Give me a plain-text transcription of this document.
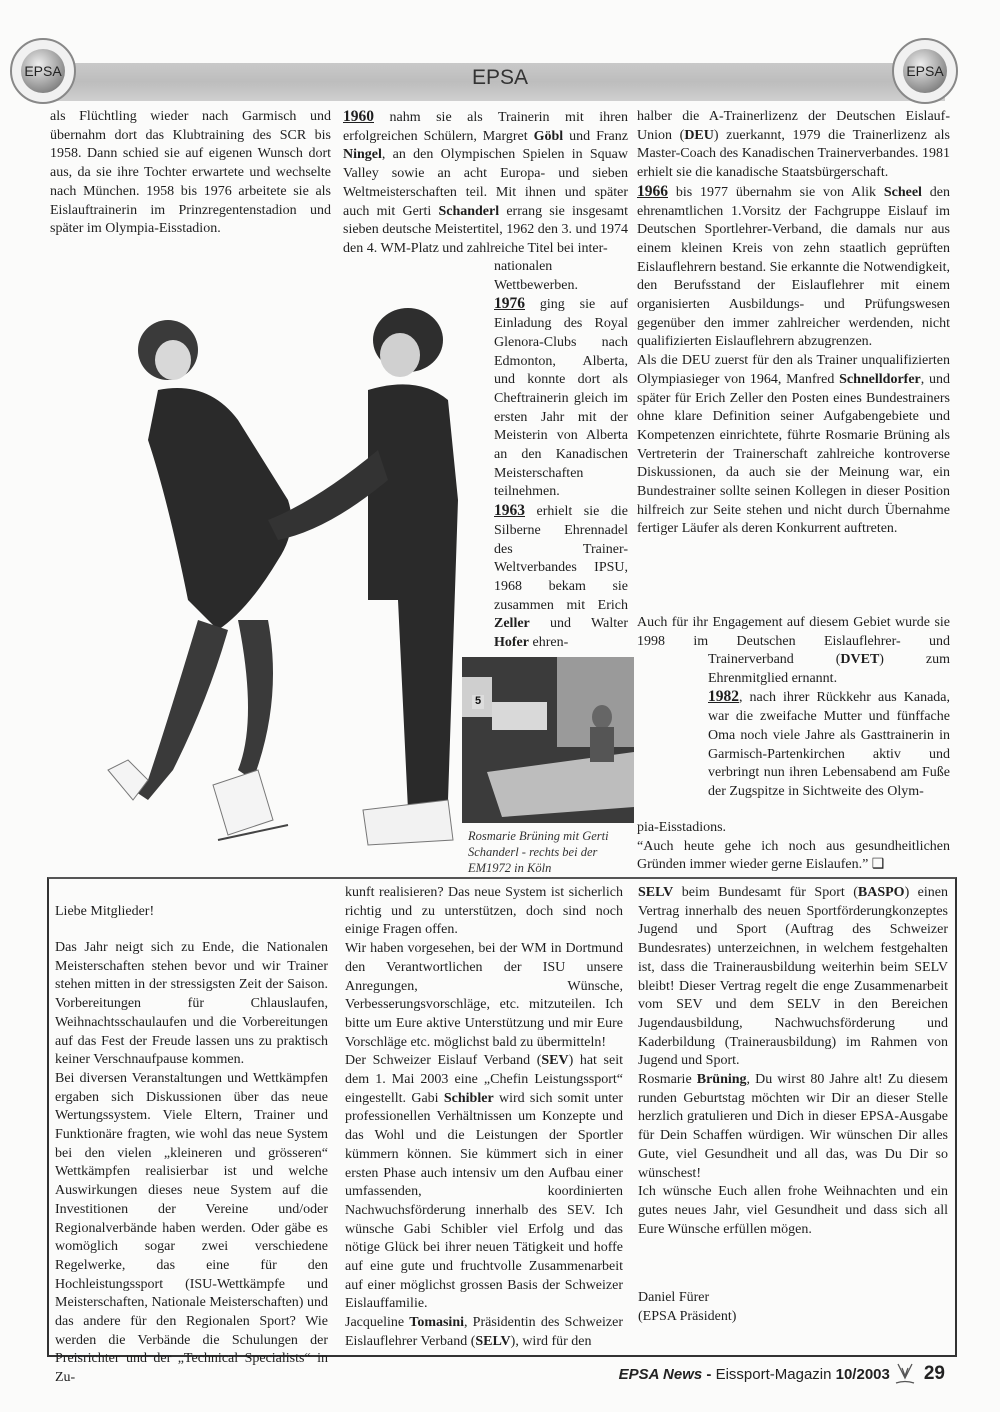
EPSA
EPSA	EPSA

als Flüchtling wieder nach Garmisch und übernahm dort das Klubtraining des SCR bis 1958. Dann schied sie auf eigenen Wunsch dort aus, da sie ihre Tochter erwartete und wechselte nach München. 1958 bis 1976 arbeitete sie als Eislauftrainerin im Prinzregentenstadion und später im Olympia-Eisstadion.

1960 nahm sie als Trainerin mit ihren erfolgreichen Schülern, Margret Göbl und Franz Ningel, an den Olympischen Spielen in Squaw Valley sowie an acht Europa- und sieben Weltmeisterschaften teil. Mit ihnen und später auch mit Gerti Schanderl errang sie insgesamt sieben deutsche Meistertitel, 1962 den 3. und 1974 den 4. WM-Platz und zahlreiche Titel bei inter-

nationalen Wettbewerben.

1976 ging sie auf Einladung des Royal Glenora-Clubs nach Edmonton, Alberta, und konnte dort als Cheftrainerin gleich im ersten Jahr mit der Meisterin von Alberta an den Kanadischen Meisterschaften teilnehmen.

1963 erhielt sie die Silberne Ehrennadel des Trainer-Weltverbandes IPSU, 1968 bekam sie zusammen mit Erich Zeller und Walter Hofer ehren-

halber die A-Trainerlizenz der Deutschen Eislauf-Union (DEU) zuerkannt, 1979 die Trainerlizenz als Master-Coach des Kanadischen Trainerverbandes. 1981 erhielt sie die kanadische Staatsbürgerschaft.

1966 bis 1977 übernahm sie von Alik Scheel den ehrenamtlichen 1.Vorsitz der Fachgruppe Eislauf im Deutschen Sportlehrer-Verband, die damals nur aus einem kleinen Kreis von zehn staatlich geprüften Eislauflehrern bestand. Sie erkannte die Notwendigkeit, den Berufsstand der Eislauflehrer mit einem organisierten Ausbildungs- und Prüfungswesen gegenüber den immer zahlreicher werdenden, nicht qualifizierten Eislauflehrern abzugrenzen.

Als die DEU zuerst für den als Trainer unqualifizierten Olympiasieger von 1964, Manfred Schnelldorfer, und später für Erich Zeller den Posten eines Bundestrainers ohne klare Definition seiner Aufgabengebiete und Kompetenzen einrichtete, führte Rosmarie Brüning als Vertreterin der Trainerschaft zahlreiche kontroverse Diskussionen, da auch sie der Meinung war, ein Bundestrainer sollte seinen Kollegen in dieser Position hilfreich zur Seite stehen und nicht durch Übernahme fertiger Läufer als deren Konkurrent auftreten.

Auch für ihr Engagement auf diesem Gebiet wurde sie 1998 im Deutschen Eislauflehrer- und

Trainerverband (DVET) zum Ehrenmitglied ernannt.

1982, nach ihrer Rückkehr aus Kanada, war die zweifache Mutter und fünffache Oma noch viele Jahre als Gasttrainerin in Garmisch-Partenkirchen aktiv und verbringt nun ihren Lebensabend am Fuße der Zugspitze in Sichtweite des Olym-

pia-Eisstadions.

“Auch heute gehe ich noch aus gesundheitlichen Gründen immer wieder gerne Eislaufen.” ❑

5
Rosmarie Brüning mit Gerti Schanderl - rechts bei der EM1972 in Köln
Liebe Mitglieder!

Das Jahr neigt sich zu Ende, die Nationalen Meisterschaften stehen bevor und wir Trainer stehen mitten in der stressigsten Zeit der Saison. Vorbereitungen für Chlauslaufen, Weihnachtsschaulaufen und die Vorbereitungen auf das Fest der Freude lassen uns zu praktisch keiner Verschnaufpause kommen.

Bei diversen Veranstaltungen und Wettkämpfen ergaben sich Diskussionen über das neue Wertungssystem. Viele Eltern, Trainer und Funktionäre fragten, wie wohl das neue System bei den vielen „kleineren und grösseren“ Wettkämpfen realisierbar ist und welche Auswirkungen dieses neue System auf die Investitionen der Vereine und/oder Regionalverbände haben werden. Oder gäbe es womöglich sogar zwei verschiedene Regelwerke, das eine für den Hochleistungssport (ISU-Wettkämpfe und Meisterschaften, Nationale Meisterschaften) und das andere für den Regionalen Sport? Wie werden die Verbände die Schulungen der Preisrichter und der „Technical Specialists“ in Zu-

kunft realisieren? Das neue System ist sicherlich richtig und zu unterstützen, doch sind noch einige Fragen offen.

Wir haben vorgesehen, bei der WM in Dortmund den Verantwortlichen der ISU unsere Anregungen, Wünsche, Verbesserungsvorschläge, etc. mitzuteilen. Ich bitte um Eure aktive Unterstützung und mir Eure Vorschläge etc. möglichst bald zu übermitteln!

Der Schweizer Eislauf Verband (SEV) hat seit dem 1. Mai 2003 eine „Chefin Leistungssport“ eingestellt. Gabi Schibler wird sich somit unter professionellen Verhältnissen um Konzepte und das Wohl und die Leistungen der Sportler kümmern können. Sie kümmert sich in einer ersten Phase auch intensiv um den Aufbau einer umfassenden, koordinierten Nachwuchsförderung innerhalb des SEV. Ich wünsche Gabi Schibler viel Erfolg und das nötige Glück bei ihrer neuen Tätigkeit und hoffe auf eine gute und fruchtvolle Zusammenarbeit auf einer möglichst grossen Basis der Schweizer Eislauffamilie.

Jacqueline Tomasini, Präsidentin des Schweizer Eislauflehrer Verband (SELV), wird für den

SELV beim Bundesamt für Sport (BASPO) einen Vertrag innerhalb des neuen Sportförderungkonzeptes Jugend und Sport (Auftrag des Schweizer Bundesrates) unterzeichnen, in welchem festgehalten ist, dass die Trainerausbildung weiterhin beim SELV bleibt! Dieser Vertrag regelt die enge Zusammenarbeit vom SEV und dem SELV in den Bereichen Jugendausbildung, Nachwuchsförderung und Kaderbildung (Trainerausbildung) im Rahmen von Jugend und Sport.

Rosmarie Brüning, Du wirst 80 Jahre alt! Zu diesem runden Geburtstag möchten wir Dir an dieser Stelle herzlich gratulieren und Dich in dieser EPSA-Ausgabe für Dein Schaffen würdigen. Wir wünschen Dir alles Gute, viel Gesundheit und all das, was Du Dir so wünschest!

Ich wünsche Euch allen frohe Weihnachten und ein gutes neues Jahr, viel Gesundheit und dass sich all Eure Wünsche erfüllen mögen.

Daniel Fürer
(EPSA Präsident)
EPSA News - Eissport-Magazin 10/2003 29
